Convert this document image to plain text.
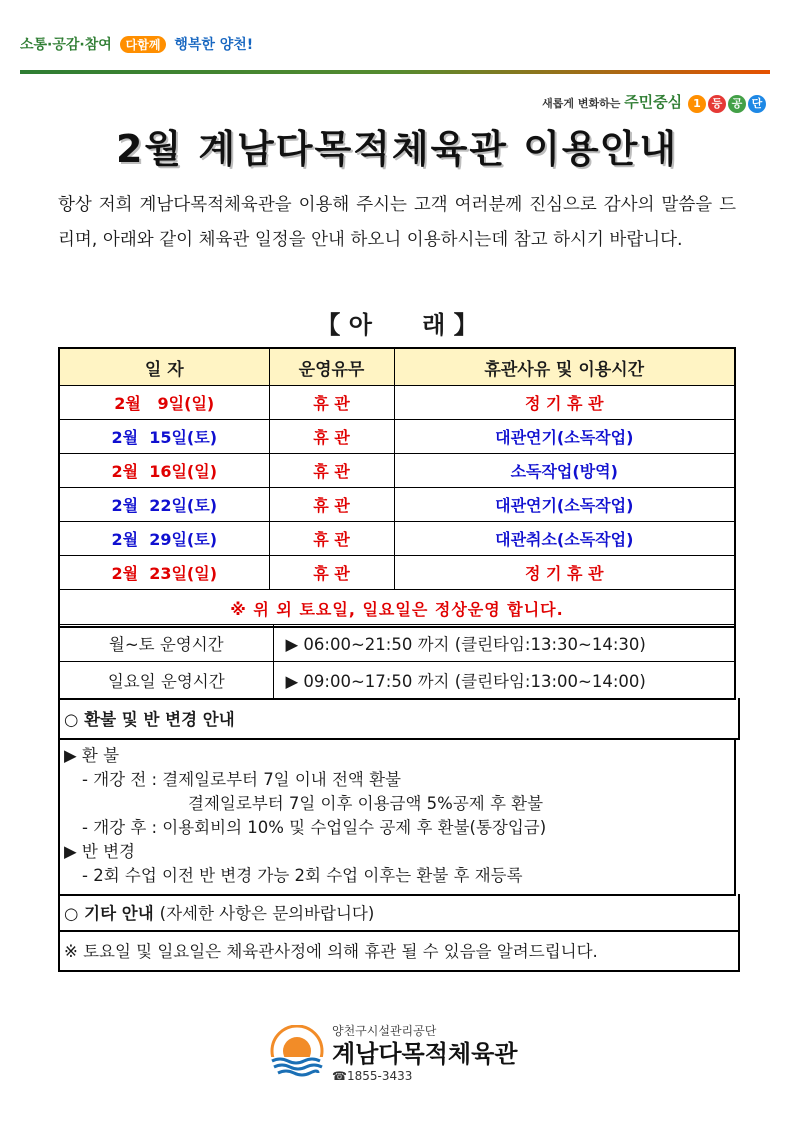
소통·공감·참여 다함께 행복한 양천!
새롭게 변화하는 주민중심 1 등 공 단
2월 계남다목적체육관 이용안내

항상 저희 계남다목적체육관을 이용해 주시는 고객 여러분께 진심으로 감사의 말씀을 드리며, 아래와 같이 체육관 일정을 안내 하오니 이용하시는데 참고 하시기 바랍니다.

【 아      래 】
일 자	운영유무	휴관사유 및 이용시간
2월   9일(일)	휴 관	정 기 휴 관
2월  15일(토)	휴 관	대관연기(소독작업)
2월  16일(일)	휴 관	소독작업(방역)
2월  22일(토)	휴 관	대관연기(소독작업)
2월  29일(토)	휴 관	대관취소(소독작업)
2월  23일(일)	휴 관	정 기 휴 관
※ 위 외 토요일, 일요일은 정상운영 합니다.		
월~토 운영시간	▶ 06:00~21:50 까지 (클린타임:13:30~14:30)
일요일 운영시간	▶ 09:00~17:50 까지 (클린타임:13:00~14:00)
○ 환불 및 반 변경 안내
▶ 환 불
- 개강 전 : 결제일로부터 7일 이내 전액 환불
결제일로부터 7일 이후 이용금액 5%공제 후 환불
- 개강 후 : 이용회비의 10% 및 수업일수 공제 후 환불(통장입금)
▶ 반 변경
- 2회 수업 이전 반 변경 가능 2회 수업 이후는 환불 후 재등록
○ 기타 안내 (자세한 사항은 문의바랍니다)
※ 토요일 및 일요일은 체육관사정에 의해 휴관 될 수 있음을 알려드립니다.
양천구시설관리공단
계남다목적체육관
☎1855-3433
